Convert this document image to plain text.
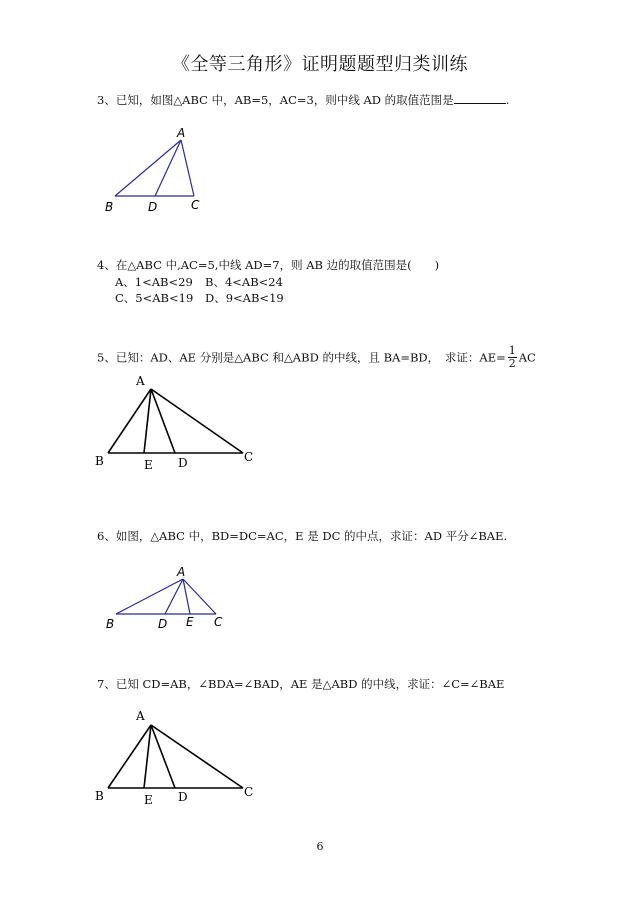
《全等三角形》证明题题型归类训练
3、已知，如图△ABC 中，AB=5，AC=3，则中线 AD 的取值范围是	.
A
B	D	C
4、在△ABC 中,AC=5,中线 AD=7，则 AB 边的取值范围是(　　)
A、1<AB<29 B、4<AB<24
C、5<AB<19 D、9<AB<19
5、已知：AD、AE 分别是△ABC 和△ABD 的中线，且 BA=BD，　求证：$AE= \frac{1}{2}$ AC
A
B	E D	C
6、如图，△ABC 中，BD=DC=AC，E 是 DC 的中点，求证：AD 平分∠BAE.
A
B	D E C
7、已知 CD=AB，∠BDA=∠BAD，AE 是△ABD 的中线，求证：∠C=∠BAE
A
B	E D	C
6
